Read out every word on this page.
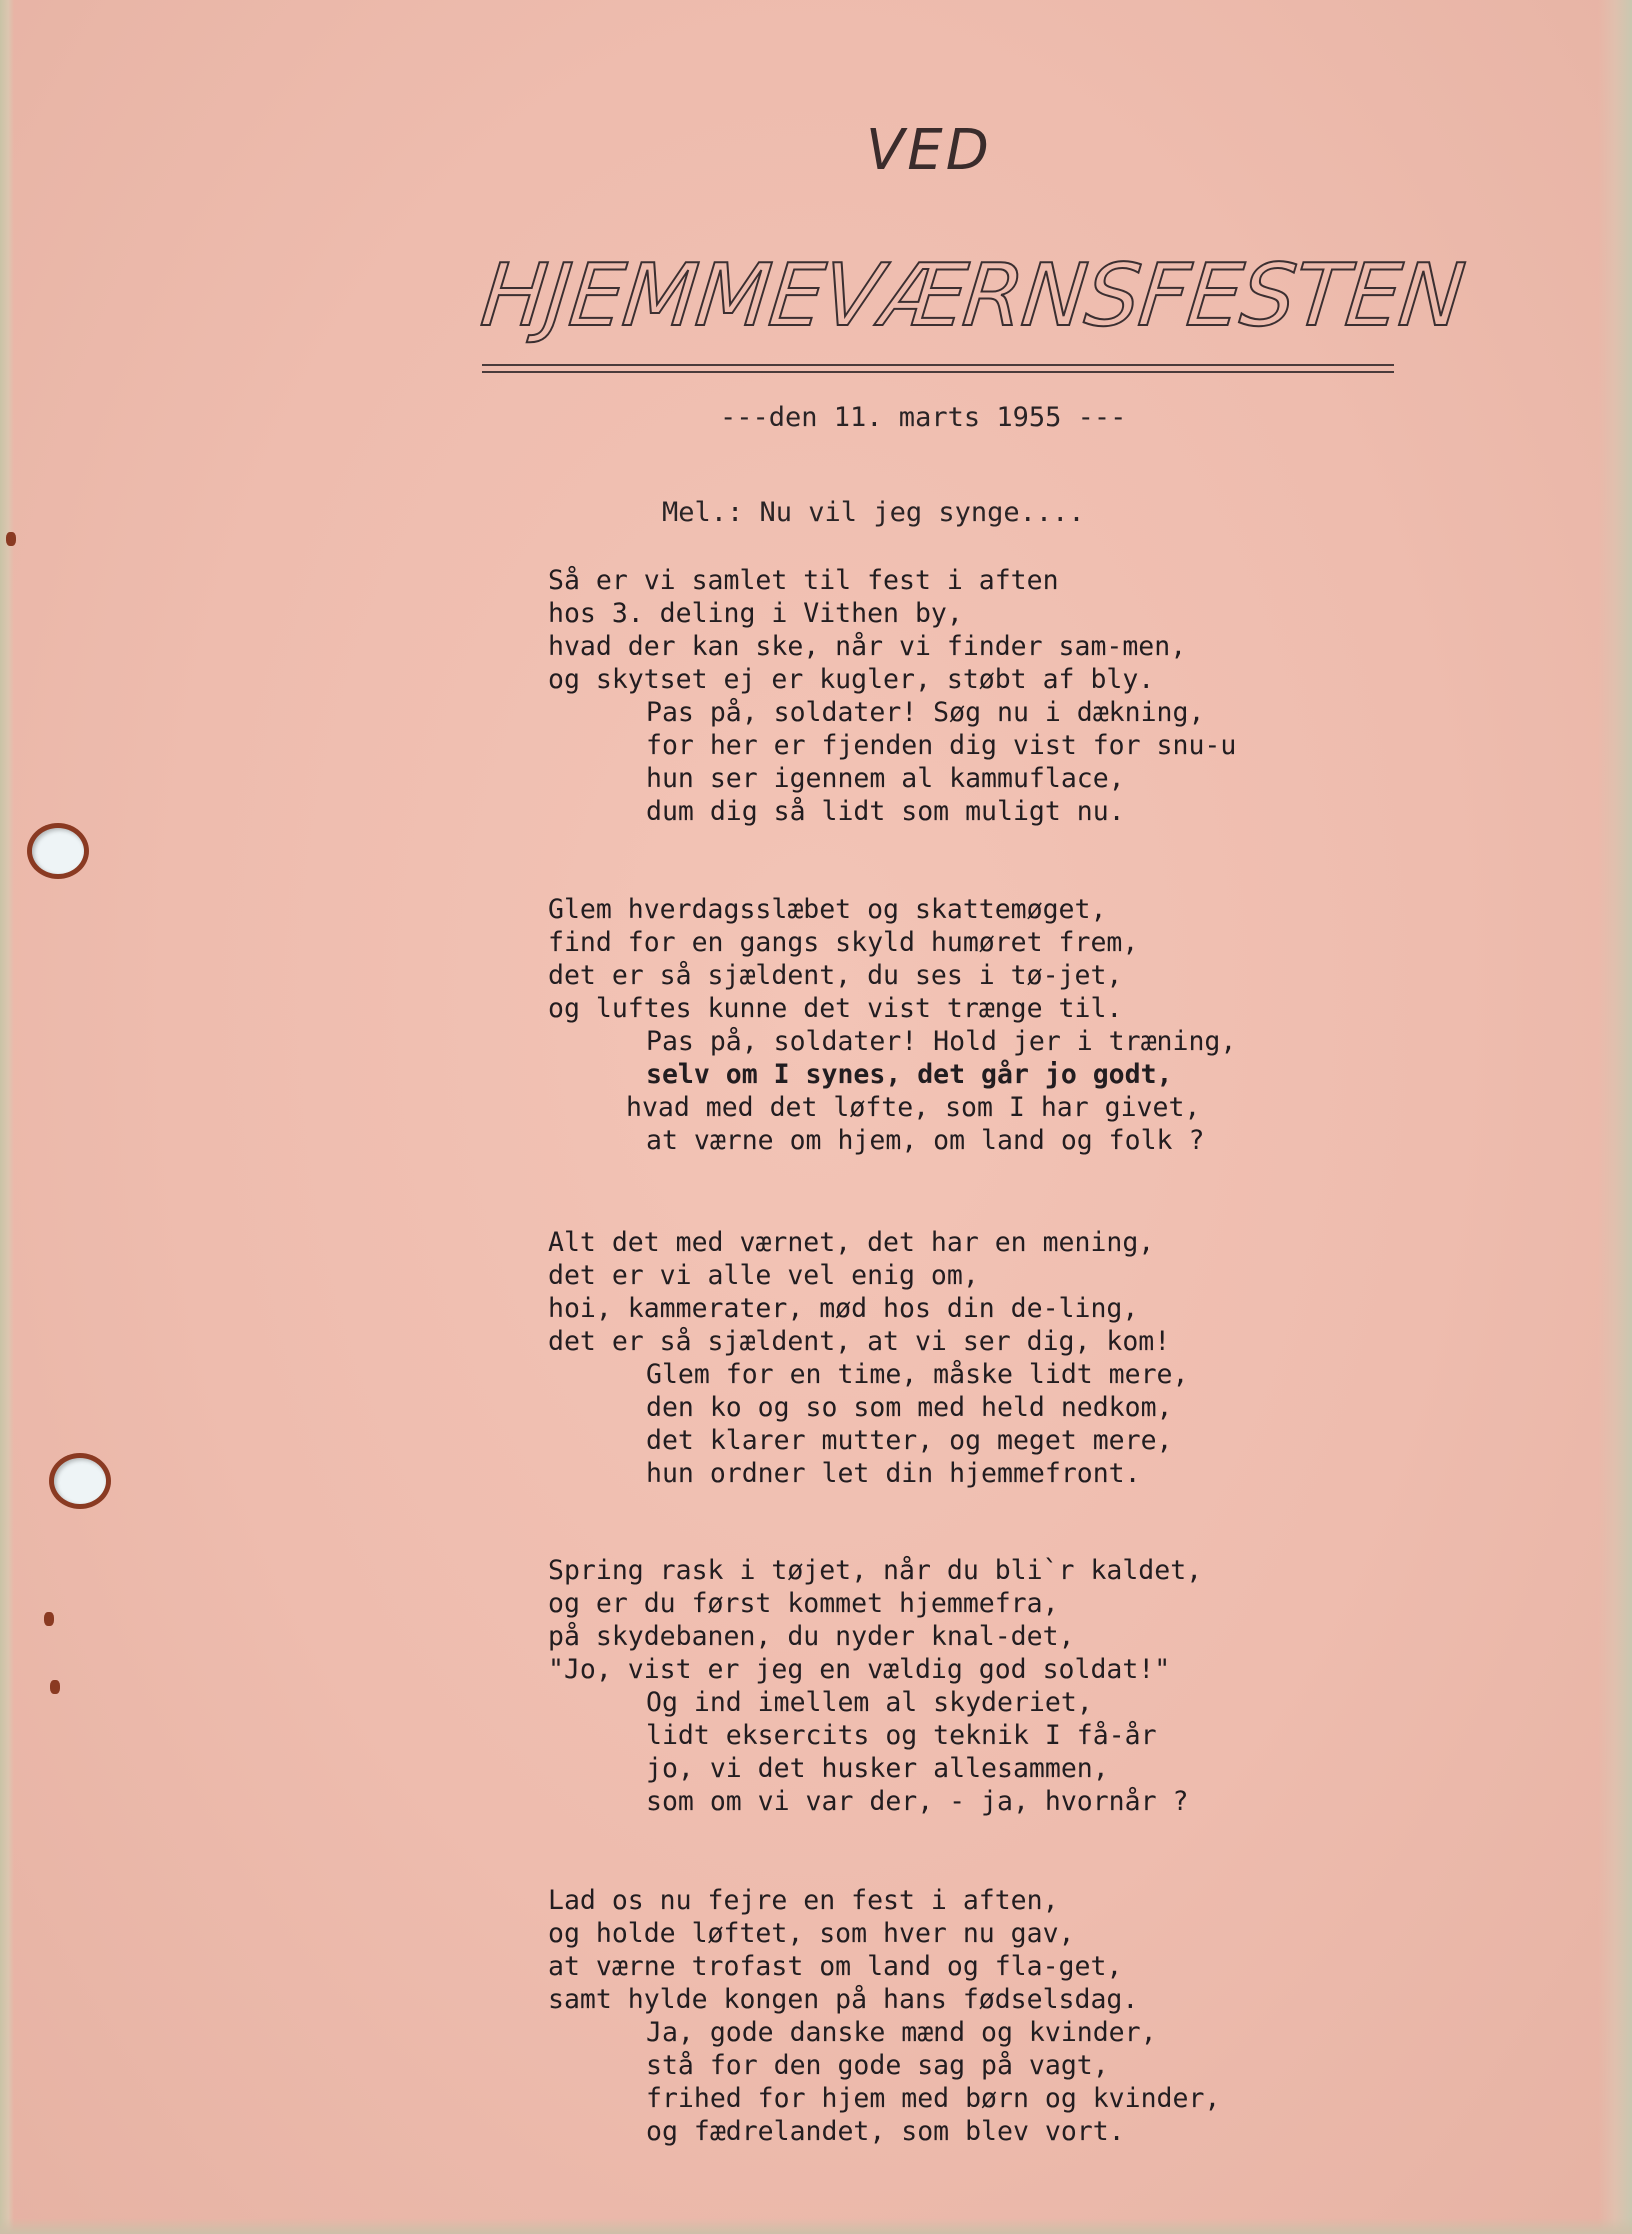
VED
HJEMMEVÆRNSFESTEN
---den 11. marts 1955 ---
Mel.: Nu vil jeg synge....
Så er vi samlet til fest i aften
hos 3. deling i Vithen by,
hvad der kan ske, når vi finder sam-men,
og skytset ej er kugler, støbt af bly.
Pas på, soldater! Søg nu i dækning,
for her er fjenden dig vist for snu-u
hun ser igennem al kammuflace,
dum dig så lidt som muligt nu.
Glem hverdagsslæbet og skattemøget,
find for en gangs skyld humøret frem,
det er så sjældent, du ses i tø-jet,
og luftes kunne det vist trænge til.
Pas på, soldater! Hold jer i træning,
selv om I synes, det går jo godt,
hvad med det løfte, som I har givet,
at værne om hjem, om land og folk ?
Alt det med værnet, det har en mening,
det er vi alle vel enig om,
hoi, kammerater, mød hos din de-ling,
det er så sjældent, at vi ser dig, kom!
Glem for en time, måske lidt mere,
den ko og so som med held nedkom,
det klarer mutter, og meget mere,
hun ordner let din hjemmefront.
Spring rask i tøjet, når du bli`r kaldet,
og er du først kommet hjemmefra,
på skydebanen, du nyder knal-det,
"Jo, vist er jeg en vældig god soldat!"
Og ind imellem al skyderiet,
lidt eksercits og teknik I få-år
jo, vi det husker allesammen,
som om vi var der, - ja, hvornår ?
Lad os nu fejre en fest i aften,
og holde løftet, som hver nu gav,
at værne trofast om land og fla-get,
samt hylde kongen på hans fødselsdag.
Ja, gode danske mænd og kvinder,
stå for den gode sag på vagt,
frihed for hjem med børn og kvinder,
og fædrelandet, som blev vort.
